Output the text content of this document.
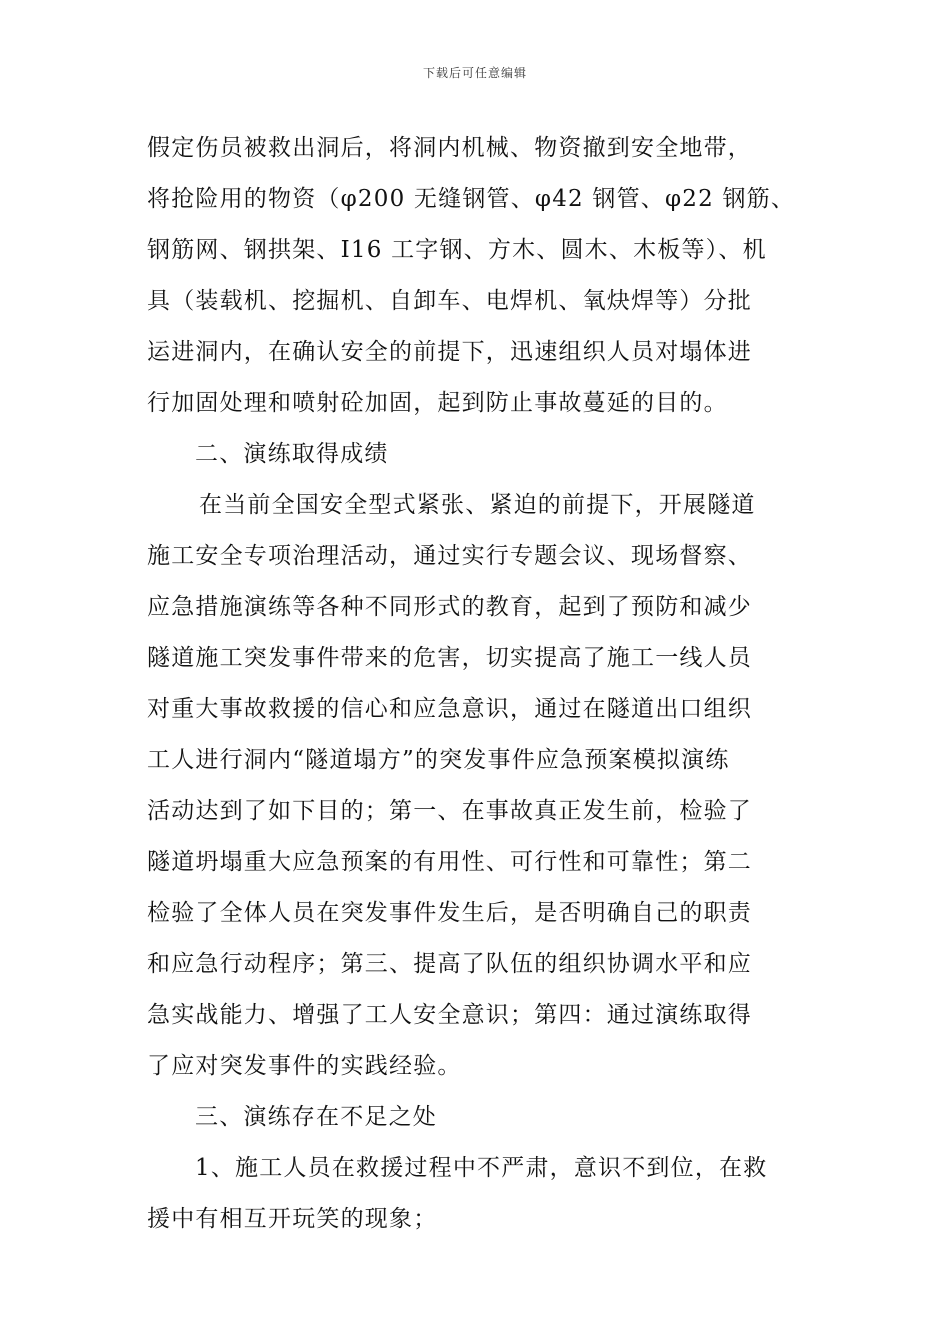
下载后可任意编辑
假定伤员被救出洞后，将洞内机械、物资撤到安全地带，
将抢险用的物资（φ200 无缝钢管、φ42 钢管、φ22 钢筋、
钢筋网、钢拱架、I16 工字钢、方木、圆木、木板等）、机
具（装载机、挖掘机、自卸车、电焊机、氧炔焊等）分批
运进洞内，在确认安全的前提下，迅速组织人员对塌体进
行加固处理和喷射砼加固，起到防止事故蔓延的目的。
二、演练取得成绩
在当前全国安全型式紧张、紧迫的前提下，开展隧道
施工安全专项治理活动，通过实行专题会议、现场督察、
应急措施演练等各种不同形式的教育，起到了预防和减少
隧道施工突发事件带来的危害，切实提高了施工一线人员
对重大事故救援的信心和应急意识，通过在隧道出口组织
工人进行洞内“隧道塌方”的突发事件应急预案模拟演练
活动达到了如下目的；第一、在事故真正发生前，检验了
隧道坍塌重大应急预案的有用性、可行性和可靠性；第二
检验了全体人员在突发事件发生后，是否明确自己的职责
和应急行动程序；第三、提高了队伍的组织协调水平和应
急实战能力、增强了工人安全意识；第四：通过演练取得
了应对突发事件的实践经验。
三、演练存在不足之处
1、施工人员在救援过程中不严肃，意识不到位，在救
援中有相互开玩笑的现象；
